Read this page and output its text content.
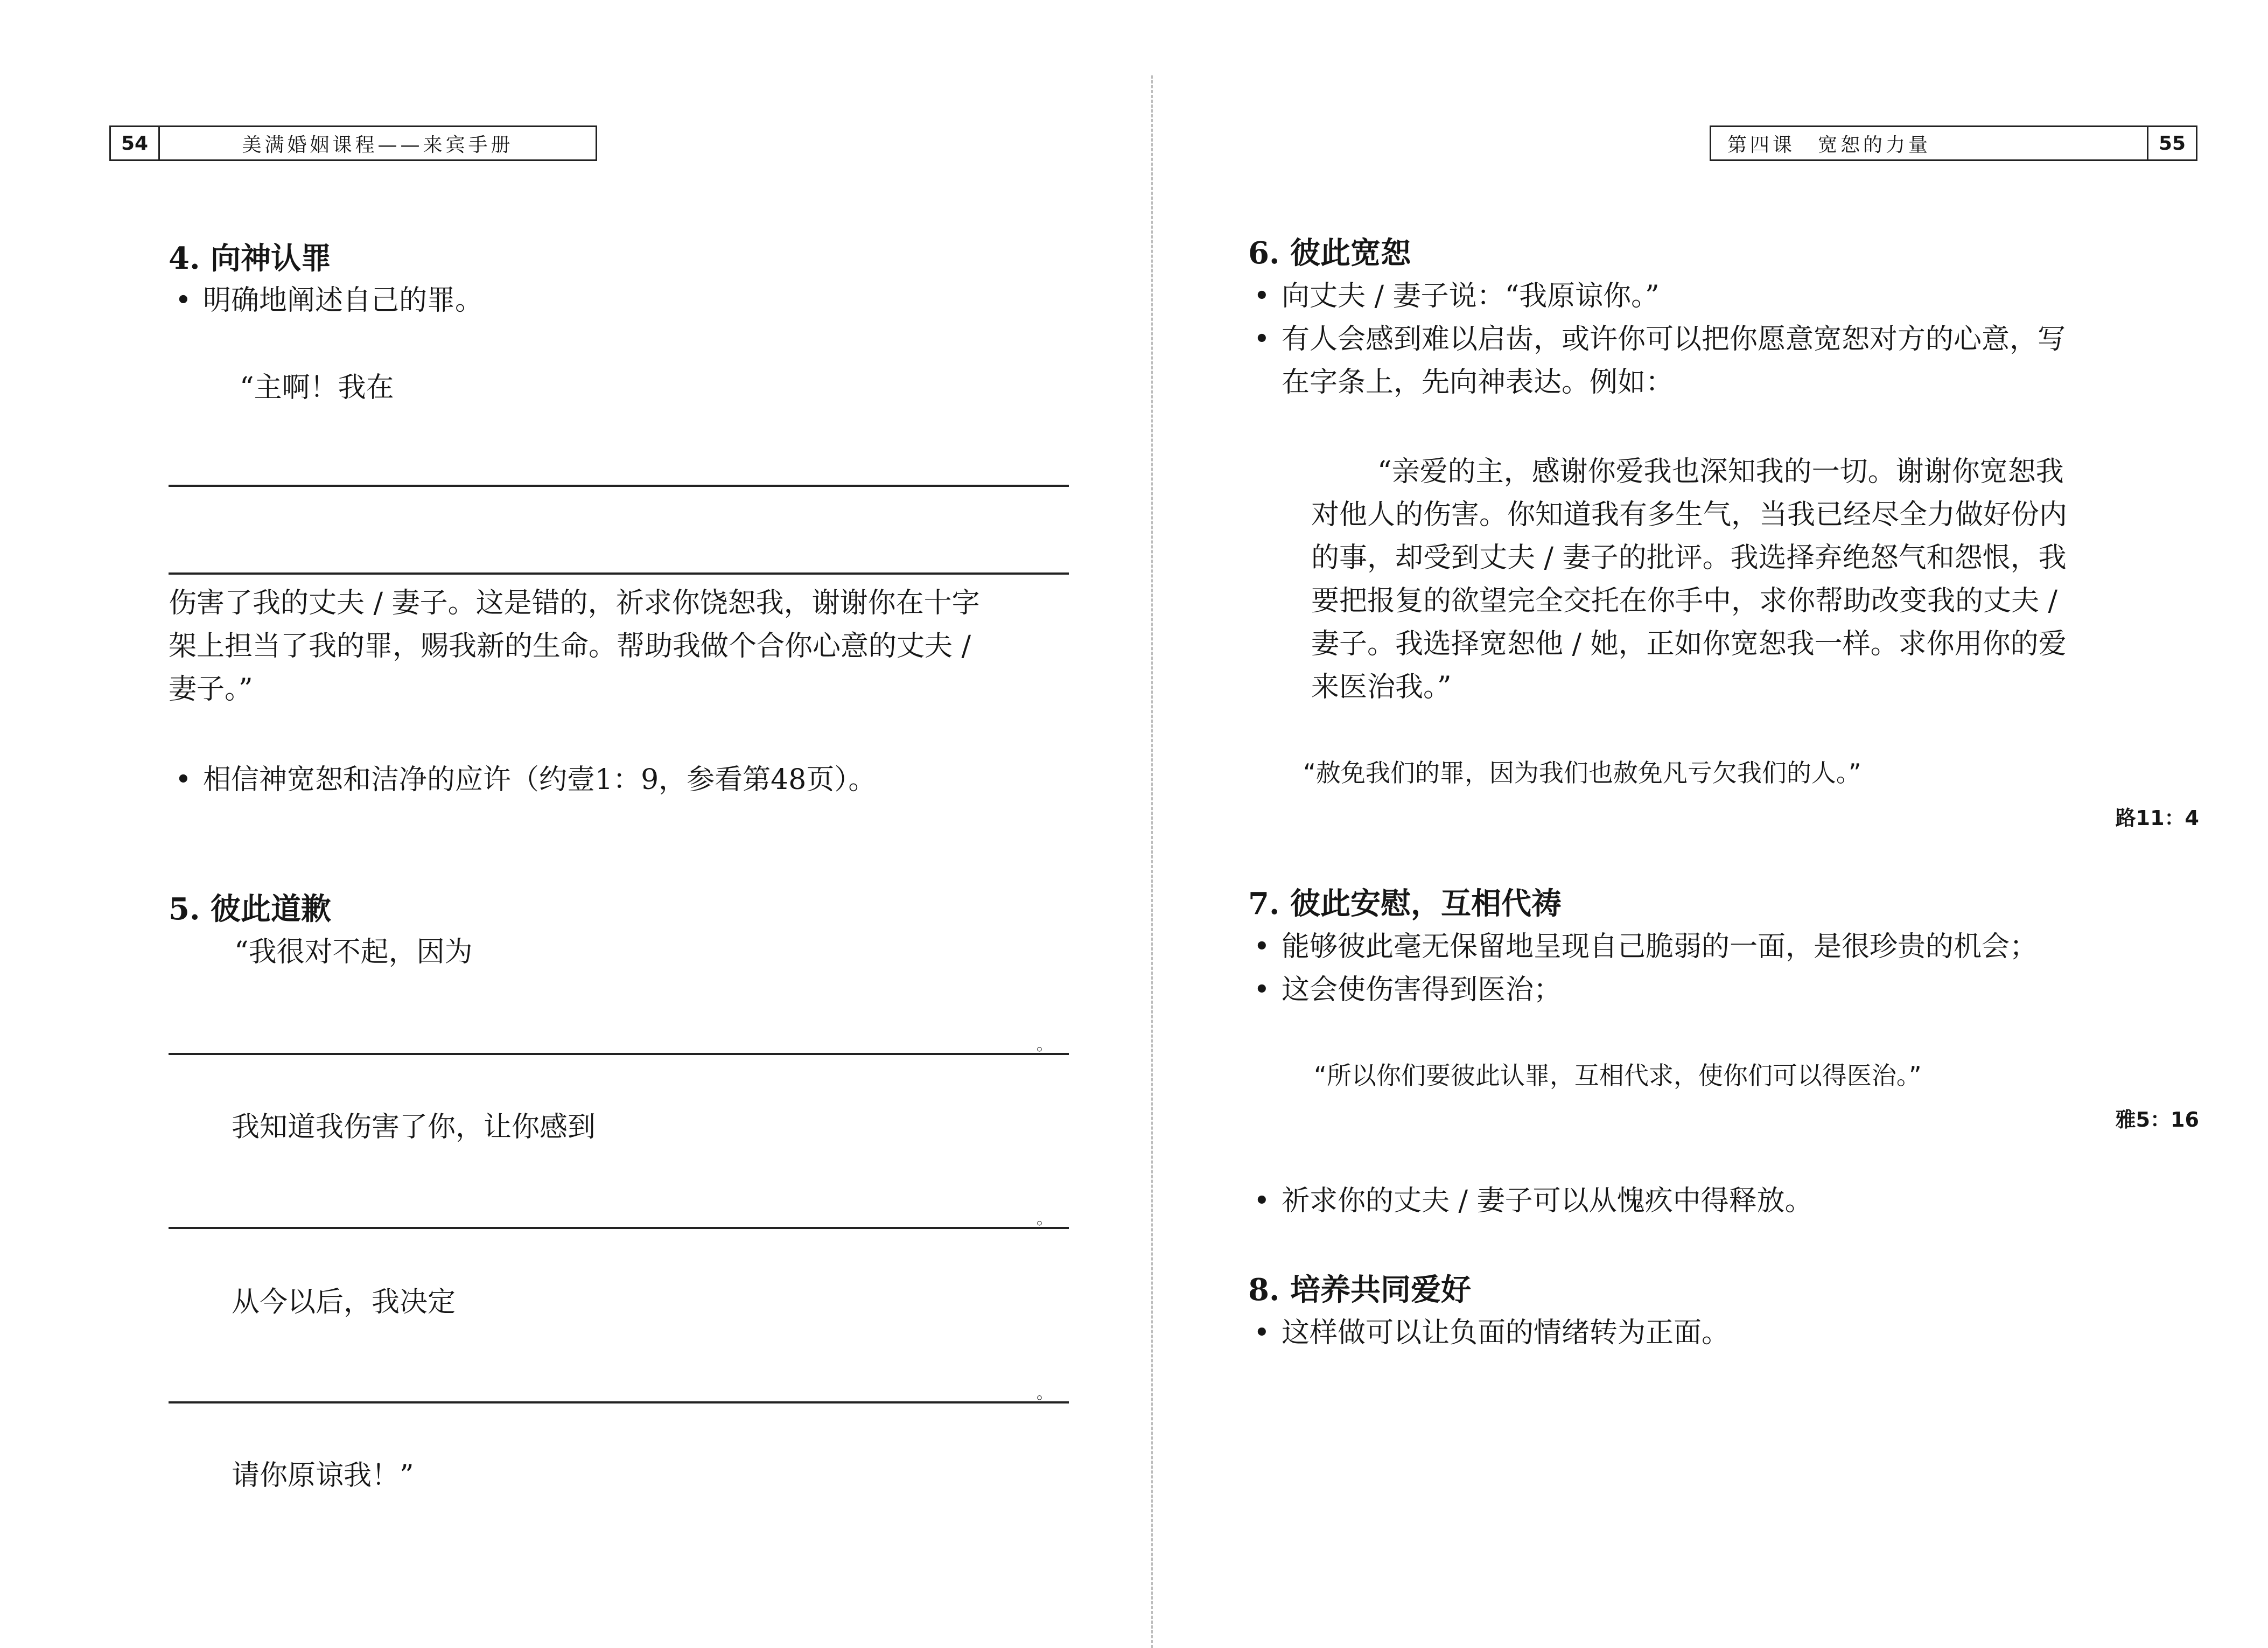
54	美满婚姻课程——来宾手册
4. 向神认罪
• 明确地阐述自己的罪。
“主啊！我在
伤害了我的丈夫 / 妻子。这是错的，祈求你饶恕我，谢谢你在十字
架上担当了我的罪，赐我新的生命。帮助我做个合你心意的丈夫 /
妻子。”
• 相信神宽恕和洁净的应许（约壹1：9，参看第48页）。
5. 彼此道歉
“我很对不起，因为
。
我知道我伤害了你，让你感到
。
从今以后，我决定
。
请你原谅我！”
第四课　宽恕的力量	55
6. 彼此宽恕
• 向丈夫 / 妻子说：“我原谅你。”
• 有人会感到难以启齿，或许你可以把你愿意宽恕对方的心意，写
在字条上，先向神表达。例如：
“亲爱的主，感谢你爱我也深知我的一切。谢谢你宽恕我
对他人的伤害。你知道我有多生气，当我已经尽全力做好份内
的事，却受到丈夫 / 妻子的批评。我选择弃绝怒气和怨恨，我
要把报复的欲望完全交托在你手中，求你帮助改变我的丈夫 /
妻子。我选择宽恕他 / 她，正如你宽恕我一样。求你用你的爱
来医治我。”
“赦免我们的罪，因为我们也赦免凡亏欠我们的人。”
路11：4
7. 彼此安慰，互相代祷
• 能够彼此毫无保留地呈现自己脆弱的一面，是很珍贵的机会；
• 这会使伤害得到医治；
“所以你们要彼此认罪，互相代求，使你们可以得医治。”
雅5：16
• 祈求你的丈夫 / 妻子可以从愧疚中得释放。
8. 培养共同爱好
• 这样做可以让负面的情绪转为正面。
